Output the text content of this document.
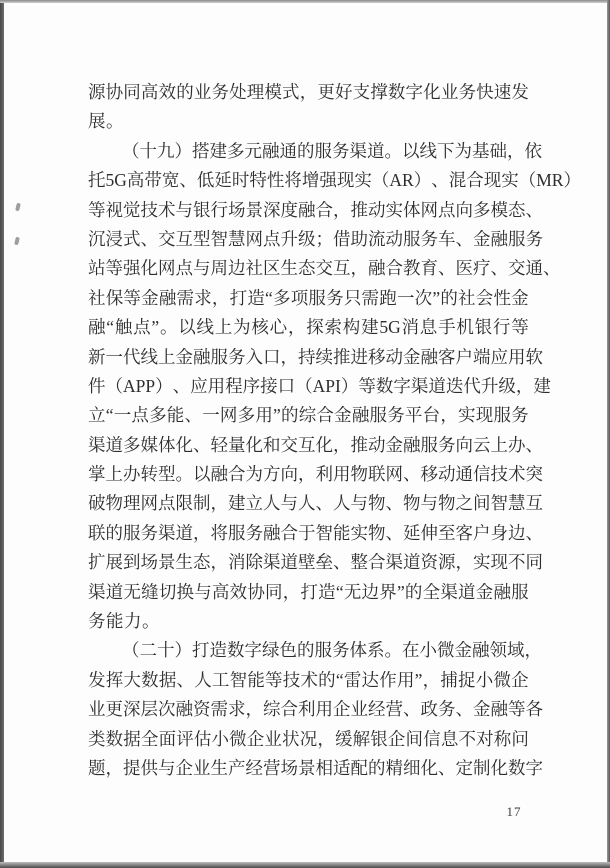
源 协 同 高 效 的 业 务 处 理 模 式 ， 更 好 支 撑 数 字 化 业 务 快 速 发
展 。
（ 十 九 ） 搭 建 多 元 融 通 的 服 务 渠 道 。 以 线 下 为 基 础 ， 依
托 5G 高 带 宽 、 低 延 时 特 性 将 增 强 现 实 （ AR ） 、 混 合 现 实 （ MR ）
等 视 觉 技 术 与 银 行 场 景 深 度 融 合 ， 推 动 实 体 网 点 向 多 模 态 、
沉 浸 式 、 交 互 型 智 慧 网 点 升 级 ； 借 助 流 动 服 务 车 、 金 融 服 务
站 等 强 化 网 点 与 周 边 社 区 生 态 交 互 ， 融 合 教 育 、 医 疗 、 交 通 、
社 保 等 金 融 需 求 ， 打 造 “ 多 项 服 务 只 需 跑 一 次 ” 的 社 会 性 金
融 “ 触 点 ” 。 以 线 上 为 核 心 ， 探 索 构 建 5G 消 息 手 机 银 行 等
新 一 代 线 上 金 融 服 务 入 口 ， 持 续 推 进 移 动 金 融 客 户 端 应 用 软
件 （ APP ） 、 应 用 程 序 接 口 （ API ） 等 数 字 渠 道 迭 代 升 级 ， 建
立 “ 一 点 多 能 、 一 网 多 用 ” 的 综 合 金 融 服 务 平 台 ， 实 现 服 务
渠 道 多 媒 体 化 、 轻 量 化 和 交 互 化 ， 推 动 金 融 服 务 向 云 上 办 、
掌 上 办 转 型 。 以 融 合 为 方 向 ， 利 用 物 联 网 、 移 动 通 信 技 术 突
破 物 理 网 点 限 制 ， 建 立 人 与 人 、 人 与 物 、 物 与 物 之 间 智 慧 互
联 的 服 务 渠 道 ， 将 服 务 融 合 于 智 能 实 物 、 延 伸 至 客 户 身 边 、
扩 展 到 场 景 生 态 ， 消 除 渠 道 壁 垒 、 整 合 渠 道 资 源 ， 实 现 不 同
渠 道 无 缝 切 换 与 高 效 协 同 ， 打 造 “ 无 边 界 ” 的 全 渠 道 金 融 服
务 能 力 。
（ 二 十 ） 打 造 数 字 绿 色 的 服 务 体 系 。 在 小 微 金 融 领 域 ，
发 挥 大 数 据 、 人 工 智 能 等 技 术 的 “ 雷 达 作 用 ” ， 捕 捉 小 微 企
业 更 深 层 次 融 资 需 求 ， 综 合 利 用 企 业 经 营 、 政 务 、 金 融 等 各
类 数 据 全 面 评 估 小 微 企 业 状 况 ， 缓 解 银 企 间 信 息 不 对 称 问
题 ， 提 供 与 企 业 生 产 经 营 场 景 相 适 配 的 精 细 化 、 定 制 化 数 字
17
